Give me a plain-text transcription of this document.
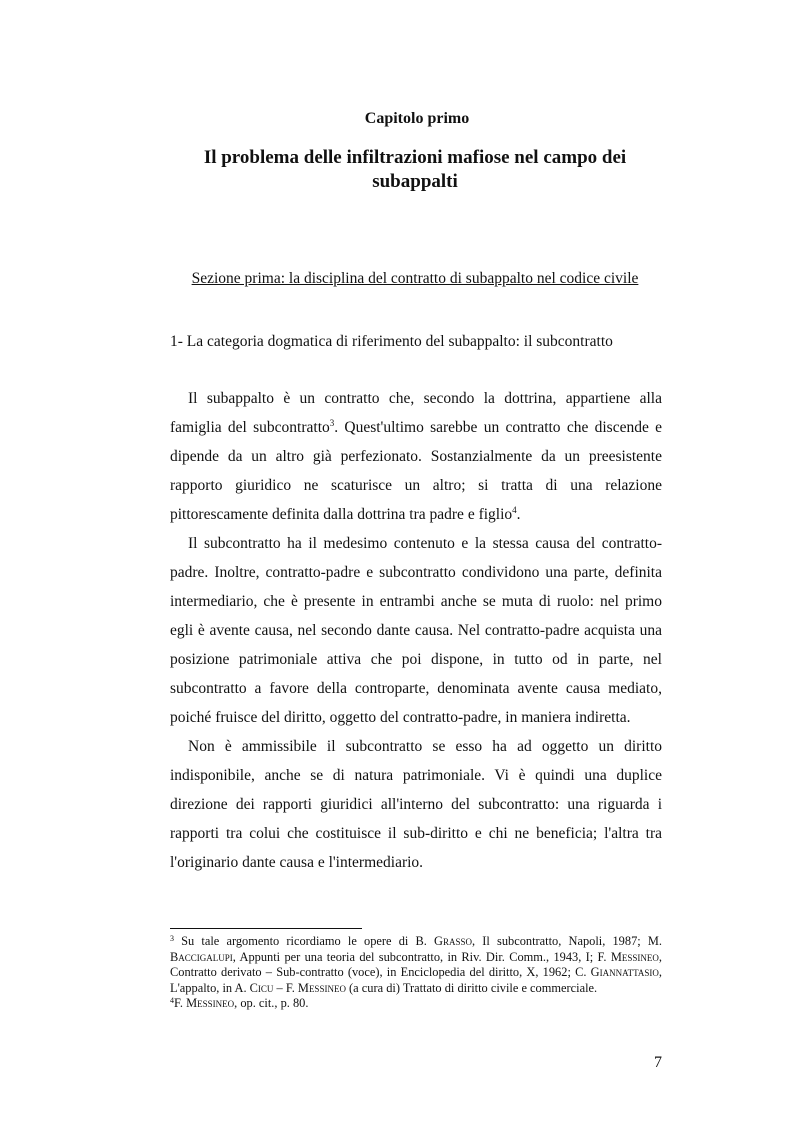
Capitolo primo
Il problema delle infiltrazioni mafiose nel campo dei subappalti
Sezione prima: la disciplina del contratto di subappalto nel codice civile
1- La categoria dogmatica di riferimento del subappalto: il subcontratto

Il subappalto è un contratto che, secondo la dottrina, appartiene alla famiglia del subcontratto$^3$. Quest'ultimo sarebbe un contratto che discende e dipende da un altro già perfezionato. Sostanzialmente da un preesistente rapporto giuridico ne scaturisce un altro; si tratta di una relazione pittorescamente definita dalla dottrina tra padre e figlio$^4$.

Il subcontratto ha il medesimo contenuto e la stessa causa del contratto-padre. Inoltre, contratto-padre e subcontratto condividono una parte, definita intermediario, che è presente in entrambi anche se muta di ruolo: nel primo egli è avente causa, nel secondo dante causa. Nel contratto-padre acquista una posizione patrimoniale attiva che poi dispone, in tutto od in parte, nel subcontratto a favore della controparte, denominata avente causa mediato, poiché fruisce del diritto, oggetto del contratto-padre, in maniera indiretta.

Non è ammissibile il subcontratto se esso ha ad oggetto un diritto indisponibile, anche se di natura patrimoniale. Vi è quindi una duplice direzione dei rapporti giuridici all'interno del subcontratto: una riguarda i rapporti tra colui che costituisce il sub-diritto e chi ne beneficia; l'altra tra l'originario dante causa e l'intermediario.

$^3$ Su tale argomento ricordiamo le opere di B. Grasso, Il subcontratto, Napoli, 1987; M. Baccigalupi, Appunti per una teoria del subcontratto, in Riv. Dir. Comm., 1943, I; F. Messineo, Contratto derivato – Sub-contratto (voce), in Enciclopedia del diritto, X, 1962; C. Giannattasio, L'appalto, in A. Cicu – F. Messineo (a cura di) Trattato di diritto civile e commerciale.

$^4$F. Messineo, op. cit., p. 80.

7
